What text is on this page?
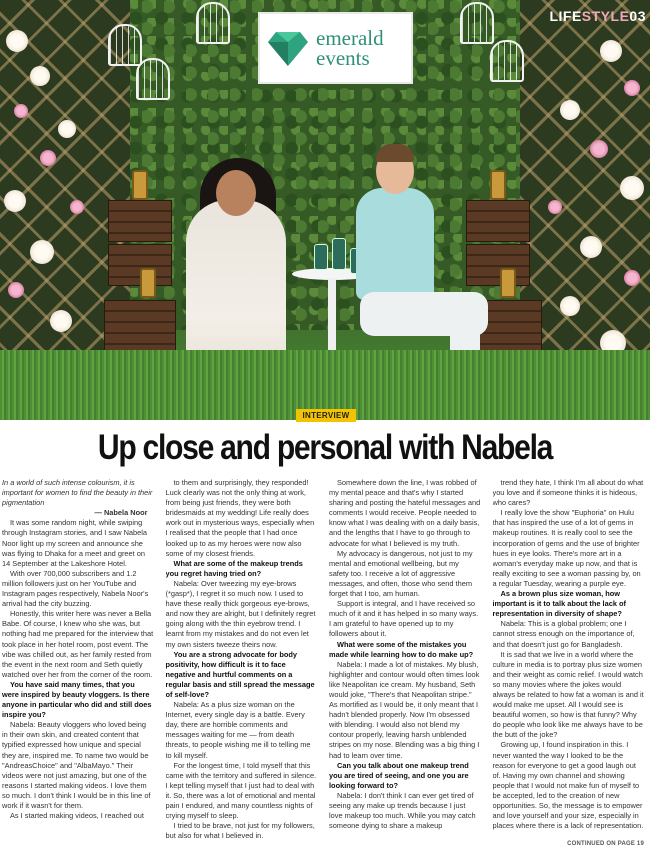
emerald
events
LIFESTYLE03
INTERVIEW
Up close and personal with Nabela

In a world of such intense colourism, it is important for women to find the beauty in their pigmentation

— Nabela Noor

It was some random night, while swiping through Instagram stories, and I saw Nabela Noor light up my screen and announce she was flying to Dhaka for a meet and greet on 14 September at the Lakeshore Hotel.

With over 700,000 subscribers and 1.2 million followers just on her YouTube and Instagram pages respectively, Nabela Noor's arrival had the city buzzing.

Honestly, this writer here was never a Bella Babe. Of course, I knew who she was, but nothing had me prepared for the interview that took place in her hotel room, post event. The vibe was chilled out, as her family rested from the event in the next room and Seth quietly watched over her from the corner of the room.

You have said many times, that you were inspired by beauty vloggers. Is there anyone in particular who did and still does inspire you?

Nabela: Beauty vloggers who loved being in their own skin, and created content that typified expressed how unique and special they are, inspired me. To name two would be "AndreasChoice" and "AlbaMayo." Their videos were not just amazing, but one of the reasons I started making videos. I love them so much. I don't think I would be in this line of work if it wasn't for them.

As I started making videos, I reached out

to them and surprisingly, they responded! Luck clearly was not the only thing at work, from being just friends, they were both bridesmaids at my wedding! Life really does work out in mysterious ways, especially when I realised that the people that I had once looked up to as my heroes were now also some of my closest friends.

What are some of the makeup trends you regret having tried on?

Nabela: Over tweezing my eye-brows (*gasp*), I regret it so much now. I used to have these really thick gorgeous eye-brows, and now they are alright, but I definitely regret going along with the thin eyebrow trend. I learnt from my mistakes and do not even let my own sisters tweeze theirs now.

You are a strong advocate for body positivity, how difficult is it to face negative and hurtful comments on a regular basis and still spread the message of self-love?

Nabela: As a plus size woman on the Internet, every single day is a battle. Every day, there are horrible comments and messages waiting for me — from death threats, to people wishing me ill to telling me to kill myself.

For the longest time, I told myself that this came with the territory and suffered in silence. I kept telling myself that I just had to deal with it. So, there was a lot of emotional and mental pain I endured, and many countless nights of crying myself to sleep.

I tried to be brave, not just for my followers, but also for what I believed in.

Somewhere down the line, I was robbed of my mental peace and that's why I started sharing and posting the hateful messages and comments I would receive. People needed to know what I was dealing with on a daily basis, and the lengths that I have to go through to advocate for what I believed is my truth.

My advocacy is dangerous, not just to my mental and emotional wellbeing, but my safety too. I receive a lot of aggressive messages, and often, those who send them forget that I too, am human.

Support is integral, and I have received so much of it and it has helped in so many ways. I am grateful to have opened up to my followers about it.

What were some of the mistakes you made while learning how to do make up?

Nabela: I made a lot of mistakes. My blush, highlighter and contour would often times look like Neapolitan ice cream. My husband, Seth would joke, "There's that Neapolitan stripe." As mortified as I would be, it only meant that I hadn't blended properly. Now I'm obsessed with blending. I would also not blend my contour properly, leaving harsh unblended stripes on my nose. Blending was a big thing I had to learn over time.

Can you talk about one makeup trend you are tired of seeing, and one you are looking forward to?

Nabela: I don't think I can ever get tired of seeing any make up trends because I just love makeup too much. While you may catch someone dying to share a makeup

trend they hate, I think I'm all about do what you love and if someone thinks it is hideous, who cares?

I really love the show "Euphoria" on Hulu that has inspired the use of a lot of gems in makeup routines. It is really cool to see the incorporation of gems and the use of brighter hues in eye looks. There's more art in a woman's everyday make up now, and that is really exciting to see a woman passing by, on a regular Tuesday, wearing a purple eye.

As a brown plus size woman, how important is it to talk about the lack of representation in diversity of shape?

Nabela: This is a global problem; one I cannot stress enough on the importance of, and that doesn't just go for Bangladesh.

It is sad that we live in a world where the culture in media is to portray plus size women and their weight as comic relief. I would watch so many movies where the jokes would always be related to how fat a woman is and it would make me upset. All I would see is beautiful women, so how is that funny? Why do people who look like me always have to be the butt of the joke?

Growing up, I found inspiration in this. I never wanted the way I looked to be the reason for everyone to get a good laugh out of. Having my own channel and showing people that I would not make fun of myself to be accepted, led to the creation of new opportunities. So, the message is to empower and love yourself and your size, especially in places where there is a lack of representation.

CONTINUED ON PAGE 19
